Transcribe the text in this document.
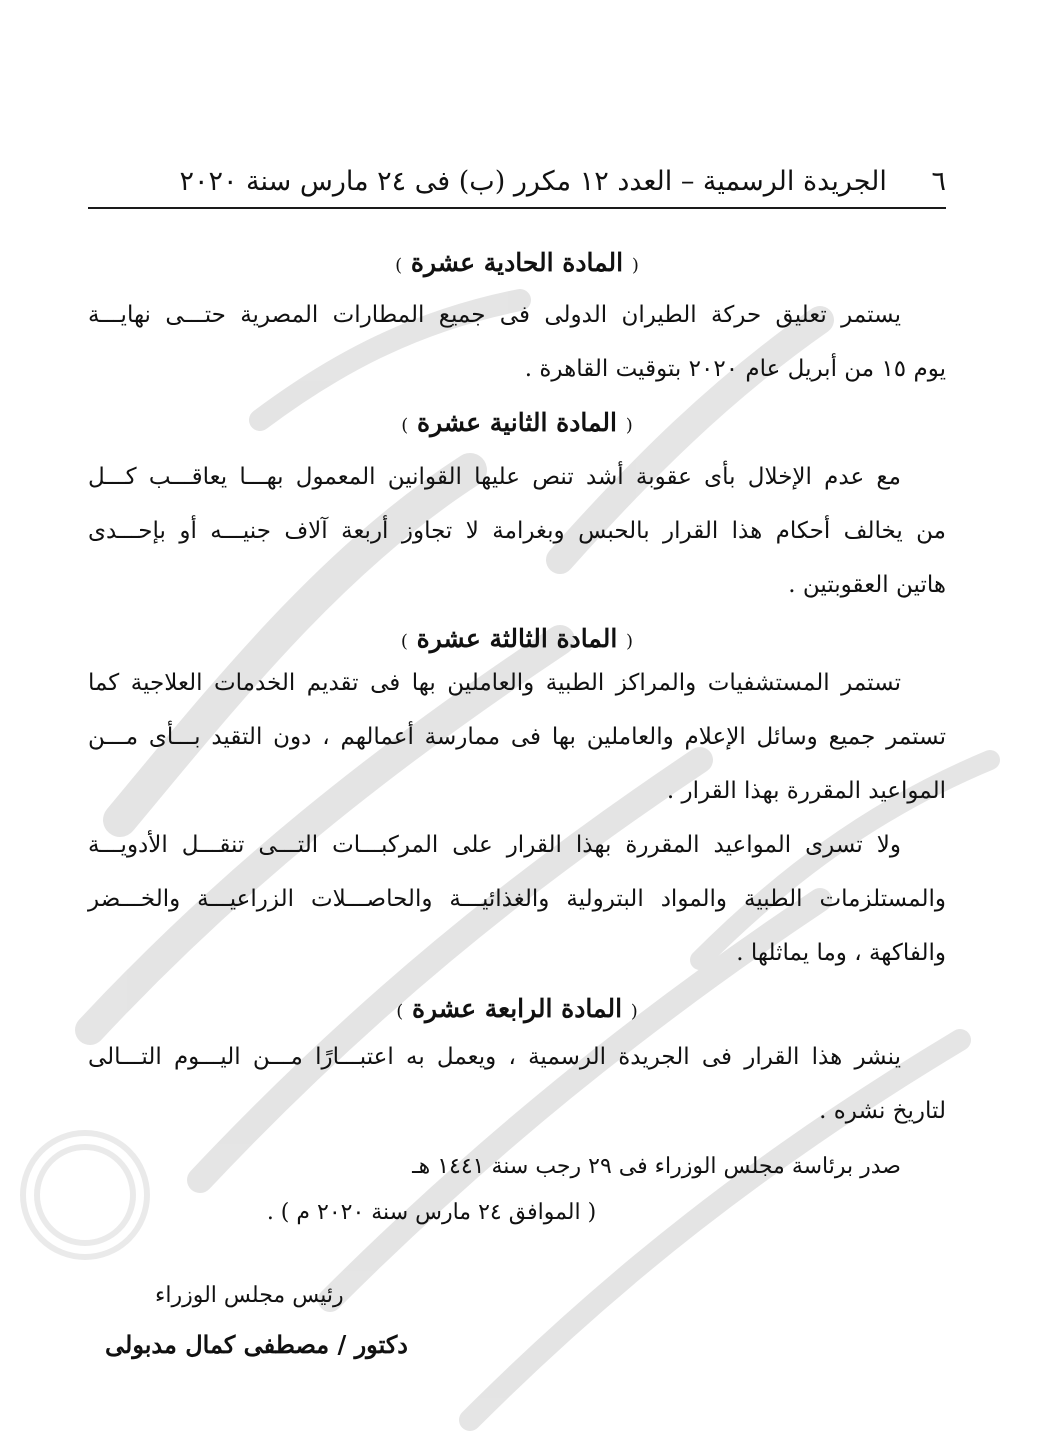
٦ الجريدة الرسمية – العدد ١٢ مكرر (ب) فى ٢٤ مارس سنة ٢٠٢٠
( المادة الحادية عشرة )
يستمر تعليق حركة الطيران الدولى فى جميع المطارات المصرية حتـــى نهايـــة
يوم ١٥ من أبريل عام ٢٠٢٠ بتوقيت القاهرة .
( المادة الثانية عشرة )
مع عدم الإخلال بأى عقوبة أشد تنص عليها القوانين المعمول بهـــا يعاقـــب كـــل
من يخالف أحكام هذا القرار بالحبس وبغرامة لا تجاوز أربعة آلاف جنيـــه أو بإحـــدى
هاتين العقوبتين .
( المادة الثالثة عشرة )
تستمر المستشفيات والمراكز الطبية والعاملين بها فى تقديم الخدمات العلاجية كما
تستمر جميع وسائل الإعلام والعاملين بها فى ممارسة أعمالهم ، دون التقيد بـــأى مـــن
المواعيد المقررة بهذا القرار .
ولا تسرى المواعيد المقررة بهذا القرار على المركبـــات التـــى تنقـــل الأدويـــة
والمستلزمات الطبية والمواد البترولية والغذائيـــة والحاصـــلات الزراعيـــة والخـــضر
والفاكهة ، وما يماثلها .
( المادة الرابعة عشرة )
ينشر هذا القرار فى الجريدة الرسمية ، ويعمل به اعتبـــارًا مـــن اليـــوم التـــالى
لتاريخ نشره .
صدر برئاسة مجلس الوزراء فى ٢٩ رجب سنة ١٤٤١ هـ
( الموافق ٢٤ مارس سنة ٢٠٢٠ م ) .
رئيس مجلس الوزراء
دكتور / مصطفى كمال مدبولى
